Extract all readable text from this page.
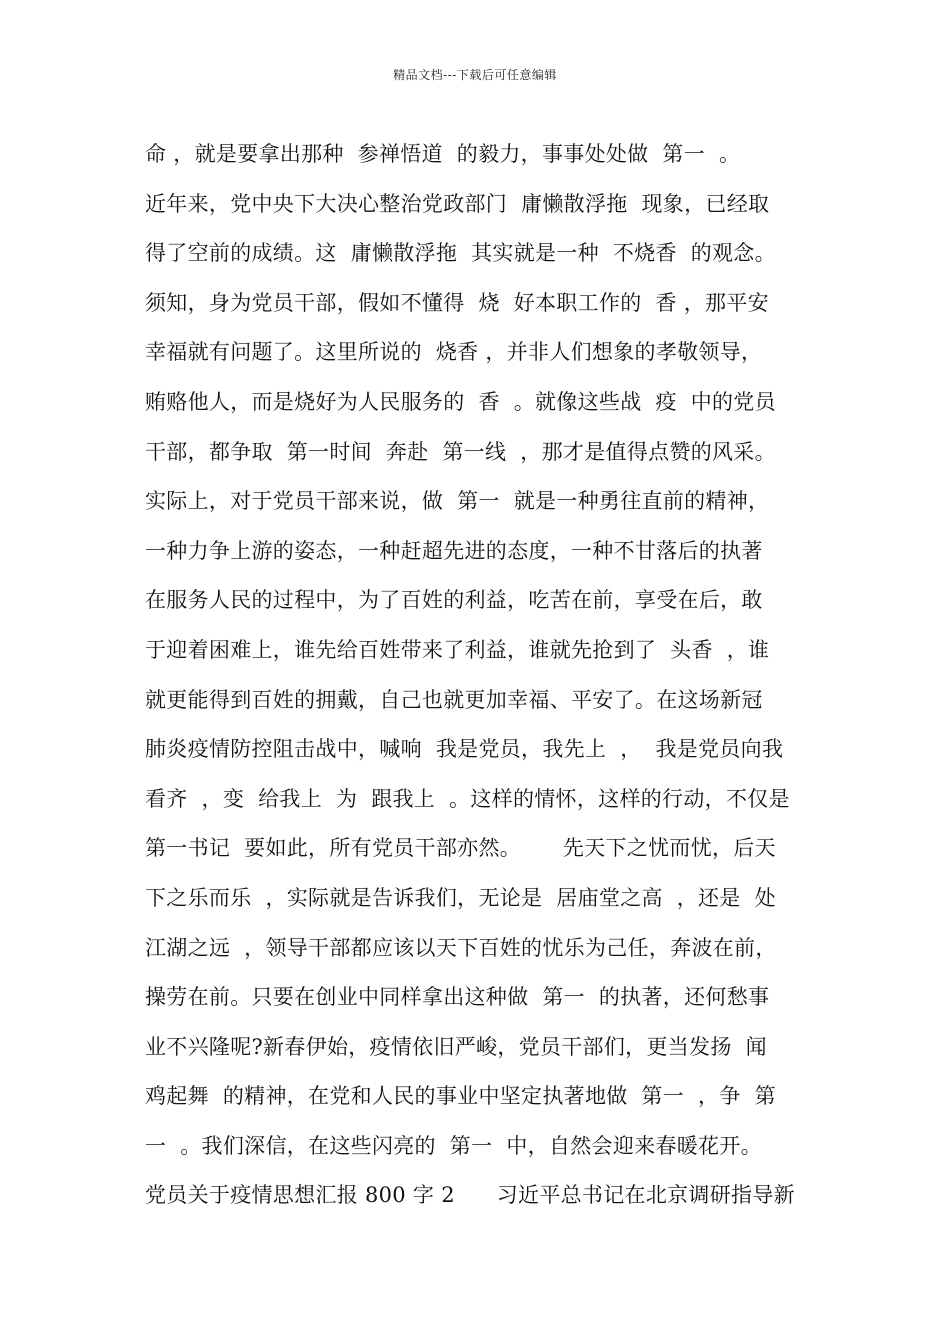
精品文档---下载后可任意编辑
命 ，就是要拿出那种  参禅悟道  的毅力，事事处处做  第一  。
近年来，党中央下大决心整治党政部门  庸懒散浮拖  现象，已经取
得了空前的成绩。这  庸懒散浮拖  其实就是一种  不烧香  的观念。
须知，身为党员干部，假如不懂得  烧  好本职工作的  香 ，那平安
幸福就有问题了。这里所说的  烧香 ，并非人们想象的孝敬领导，
贿赂他人，而是烧好为人民服务的  香  。就像这些战  疫  中的党员
干部，都争取  第一时间  奔赴  第一线  ，那才是值得点赞的风采。
实际上，对于党员干部来说，做  第一  就是一种勇往直前的精神，
一种力争上游的姿态，一种赶超先进的态度，一种不甘落后的执著
在服务人民的过程中，为了百姓的利益，吃苦在前，享受在后，敢
于迎着困难上，谁先给百姓带来了利益，谁就先抢到了  头香  ，谁
就更能得到百姓的拥戴，自己也就更加幸福、平安了。在这场新冠
肺炎疫情防控阻击战中，喊响  我是党员，我先上  ，  我是党员向我
看齐  ，变  给我上  为  跟我上  。这样的情怀，这样的行动，不仅是
第一书记  要如此，所有党员干部亦然。      先天下之忧而忧，后天
下之乐而乐  ，实际就是告诉我们，无论是  居庙堂之高  ，还是  处
江湖之远  ，领导干部都应该以天下百姓的忧乐为己任，奔波在前，
操劳在前。只要在创业中同样拿出这种做  第一  的执著，还何愁事
业不兴隆呢?新春伊始，疫情依旧严峻，党员干部们，更当发扬  闻
鸡起舞  的精神，在党和人民的事业中坚定执著地做  第一  ，争  第
一  。我们深信，在这些闪亮的  第一  中，自然会迎来春暖花开。
党员关于疫情思想汇报 800 字 2      习近平总书记在北京调研指导新
